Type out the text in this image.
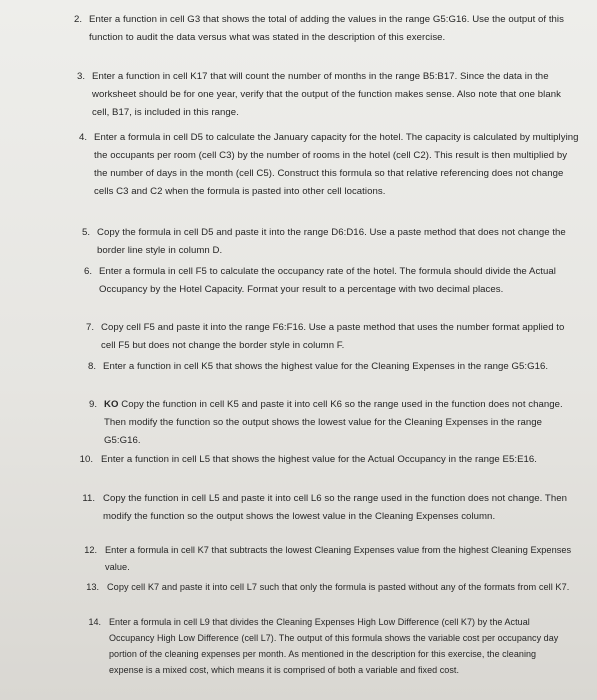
2. Enter a function in cell G3 that shows the total of adding the values in the range G5:G16. Use the output of this function to audit the data versus what was stated in the description of this exercise.
3. Enter a function in cell K17 that will count the number of months in the range B5:B17. Since the data in the worksheet should be for one year, verify that the output of the function makes sense. Also note that one blank cell, B17, is included in this range.
4. Enter a formula in cell D5 to calculate the January capacity for the hotel. The capacity is calculated by multiplying the occupants per room (cell C3) by the number of rooms in the hotel (cell C2). This result is then multiplied by the number of days in the month (cell C5). Construct this formula so that relative referencing does not change cells C3 and C2 when the formula is pasted into other cell locations.
5. Copy the formula in cell D5 and paste it into the range D6:D16. Use a paste method that does not change the border line style in column D.
6. Enter a formula in cell F5 to calculate the occupancy rate of the hotel. The formula should divide the Actual Occupancy by the Hotel Capacity. Format your result to a percentage with two decimal places.
7. Copy cell F5 and paste it into the range F6:F16. Use a paste method that uses the number format applied to cell F5 but does not change the border style in column F.
8. Enter a function in cell K5 that shows the highest value for the Cleaning Expenses in the range G5:G16.
9. KO Copy the function in cell K5 and paste it into cell K6 so the range used in the function does not change. Then modify the function so the output shows the lowest value for the Cleaning Expenses in the range G5:G16.
10. Enter a function in cell L5 that shows the highest value for the Actual Occupancy in the range E5:E16.
11. Copy the function in cell L5 and paste it into cell L6 so the range used in the function does not change. Then modify the function so the output shows the lowest value in the Cleaning Expenses column.
12. Enter a formula in cell K7 that subtracts the lowest Cleaning Expenses value from the highest Cleaning Expenses value.
13. Copy cell K7 and paste it into cell L7 such that only the formula is pasted without any of the formats from cell K7.
14. Enter a formula in cell L9 that divides the Cleaning Expenses High Low Difference (cell K7) by the Actual Occupancy High Low Difference (cell L7). The output of this formula shows the variable cost per occupancy day portion of the cleaning expenses per month. As mentioned in the description for this exercise, the cleaning expense is a mixed cost, which means it is comprised of both a variable and fixed cost.
